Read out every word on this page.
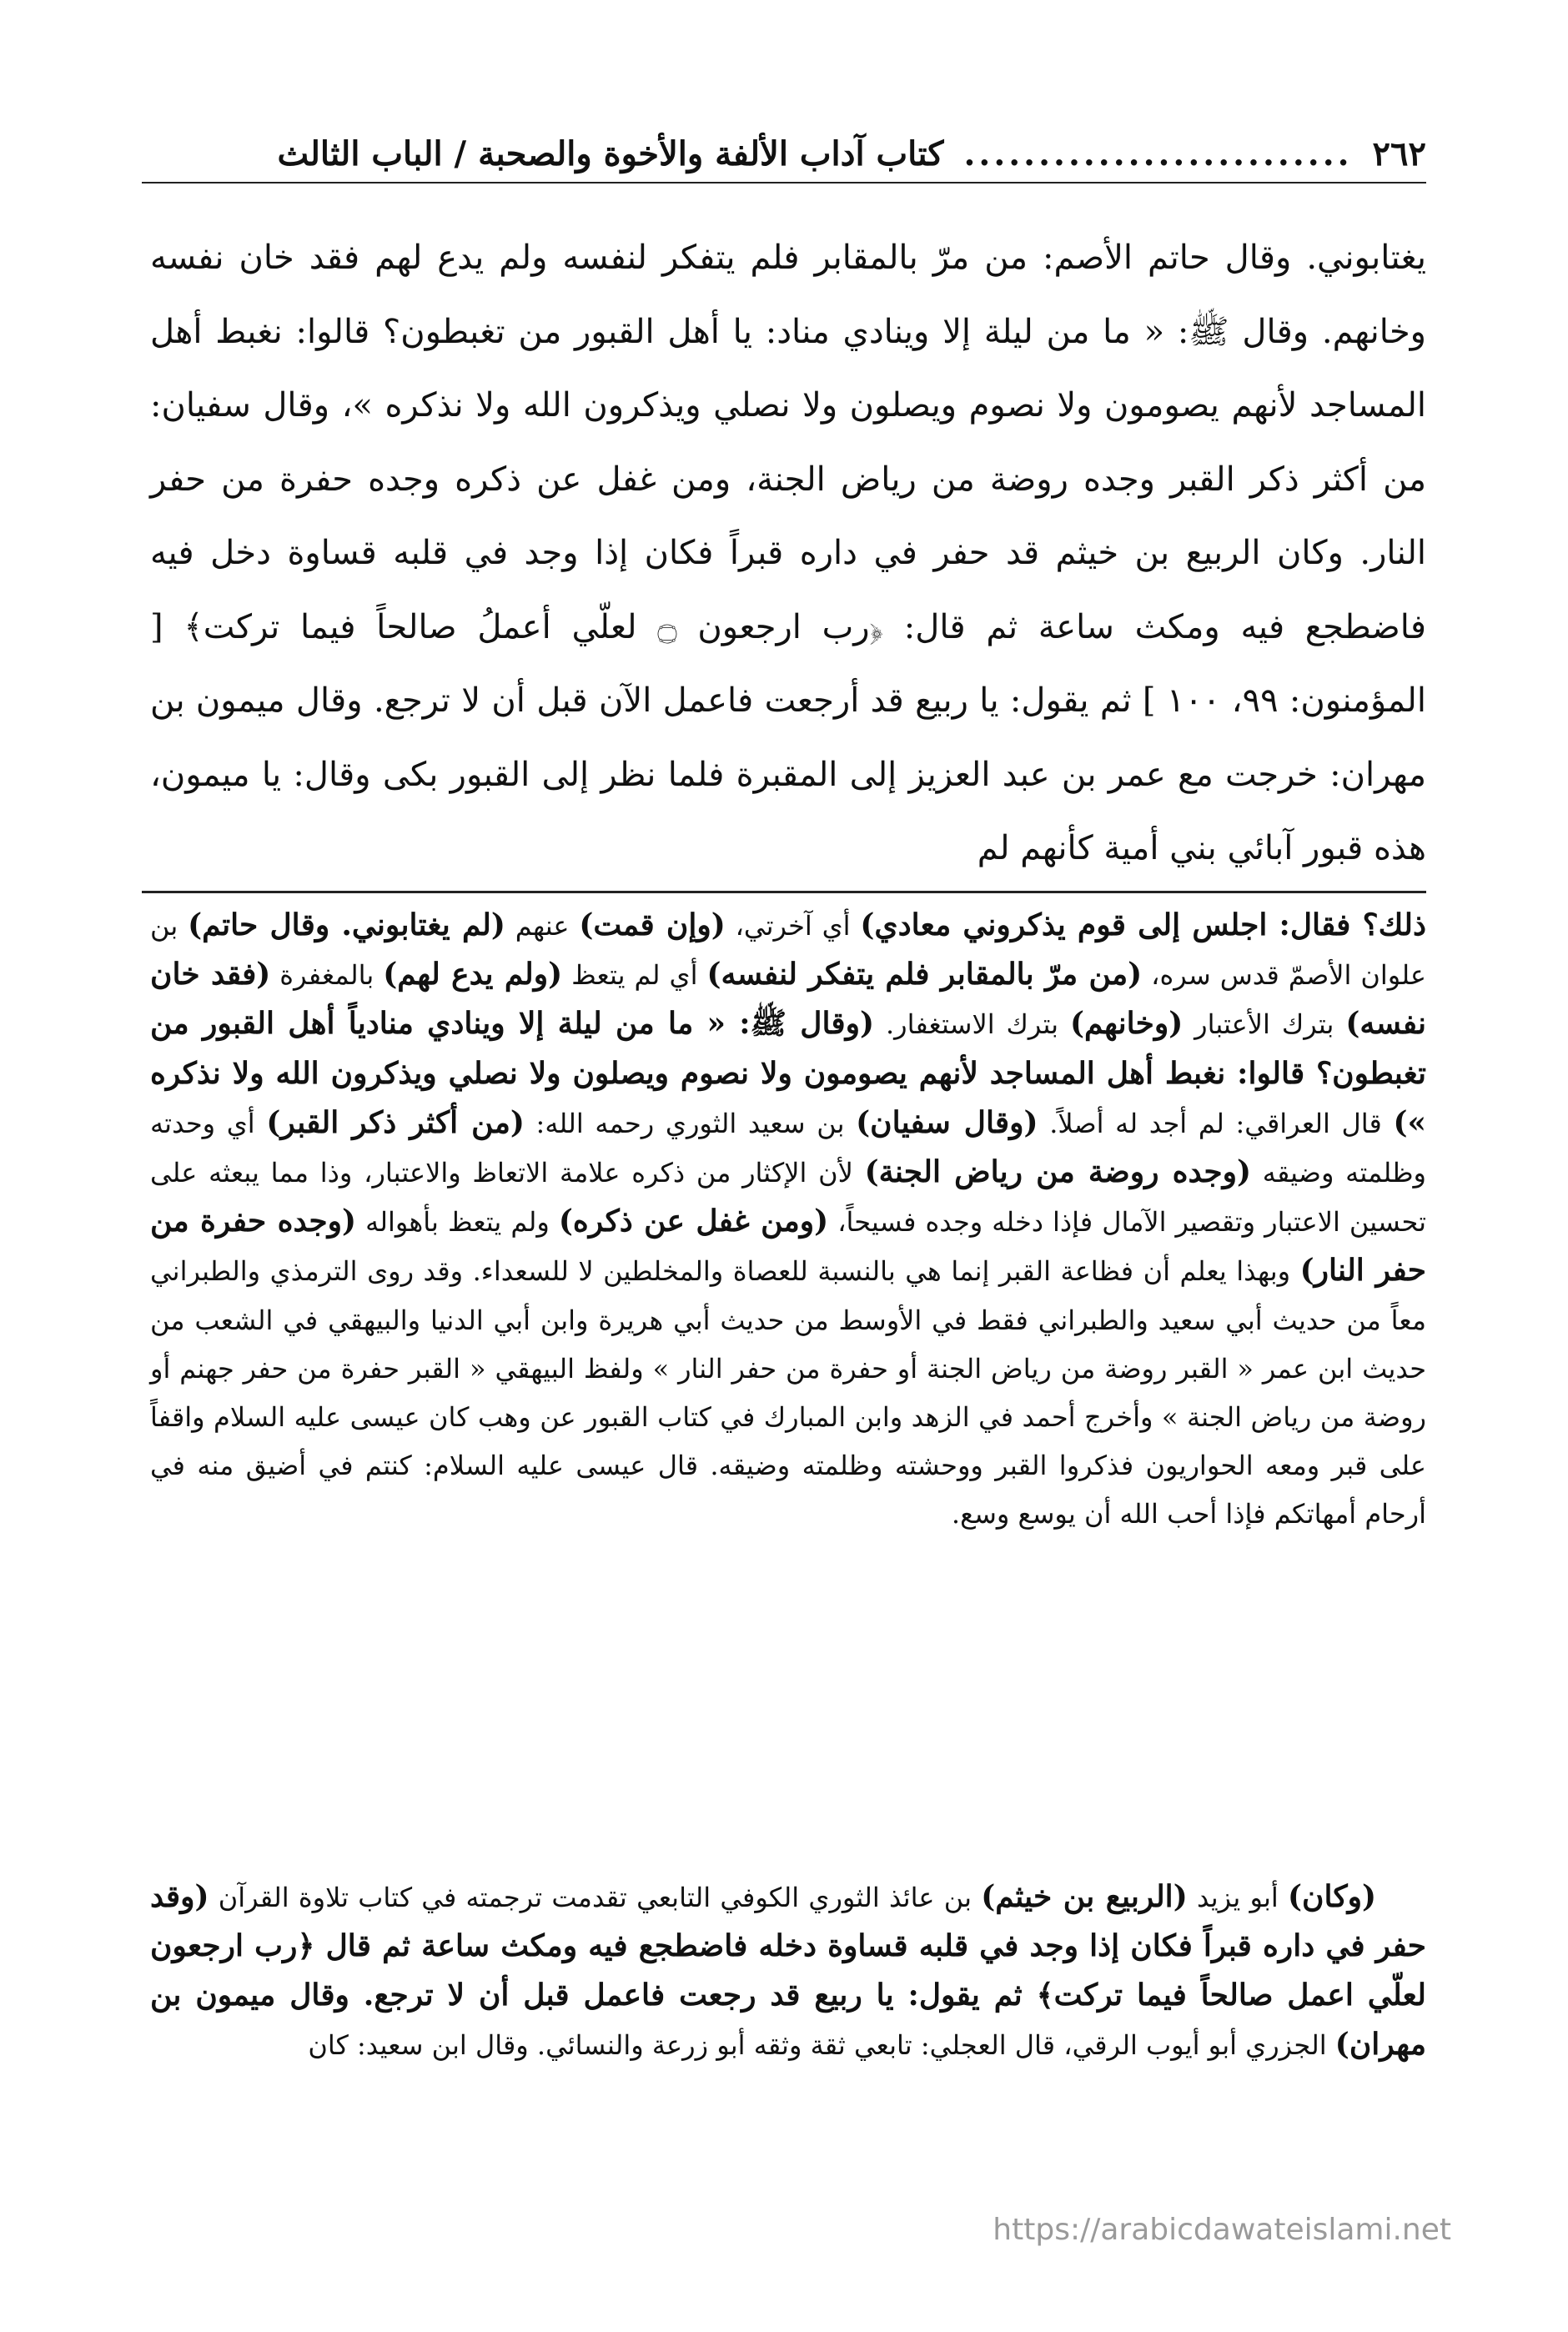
٢٦٢
..........................
كتاب آداب الألفة والأخوة والصحبة / الباب الثالث

يغتابوني. وقال حاتم الأصم: من مرّ بالمقابر فلم يتفكر لنفسه ولم يدع لهم فقد خان نفسه وخانهم. وقال ﷺ: « ما من ليلة إلا وينادي مناد: يا أهل القبور من تغبطون؟ قالوا: نغبط أهل المساجد لأنهم يصومون ولا نصوم ويصلون ولا نصلي ويذكرون الله ولا نذكره »، وقال سفيان: من أكثر ذكر القبر وجده روضة من رياض الجنة، ومن غفل عن ذكره وجده حفرة من حفر النار. وكان الربيع بن خيثم قد حفر في داره قبراً فكان إذا وجد في قلبه قساوة دخل فيه فاضطجع فيه ومكث ساعة ثم قال: ﴿رب ارجعون ۝ لعلّي أعملُ صالحاً فيما تركت﴾ [ المؤمنون: ٩٩، ١٠٠ ] ثم يقول: يا ربيع قد أرجعت فاعمل الآن قبل أن لا ترجع. وقال ميمون بن مهران: خرجت مع عمر بن عبد العزيز إلى المقبرة فلما نظر إلى القبور بكى وقال: يا ميمون، هذه قبور آبائي بني أمية كأنهم لم

ذلك؟ فقال: اجلس إلى قوم يذكروني معادي) أي آخرتي، (وإن قمت) عنهم (لم يغتابوني. وقال حاتم) بن علوان الأصمّ قدس سره، (من مرّ بالمقابر فلم يتفكر لنفسه) أي لم يتعظ (ولم يدع لهم) بالمغفرة (فقد خان نفسه) بترك الأعتبار (وخانهم) بترك الاستغفار. (وقال ﷺ: « ما من ليلة إلا وينادي منادياً أهل القبور من تغبطون؟ قالوا: نغبط أهل المساجد لأنهم يصومون ولا نصوم ويصلون ولا نصلي ويذكرون الله ولا نذكره ») قال العراقي: لم أجد له أصلاً. (وقال سفيان) بن سعيد الثوري رحمه الله: (من أكثر ذكر القبر) أي وحدته وظلمته وضيقه (وجده روضة من رياض الجنة) لأن الإكثار من ذكره علامة الاتعاظ والاعتبار، وذا مما يبعثه على تحسين الاعتبار وتقصير الآمال فإذا دخله وجده فسيحاً، (ومن غفل عن ذكره) ولم يتعظ بأهواله (وجده حفرة من حفر النار) وبهذا يعلم أن فظاعة القبر إنما هي بالنسبة للعصاة والمخلطين لا للسعداء. وقد روى الترمذي والطبراني معاً من حديث أبي سعيد والطبراني فقط في الأوسط من حديث أبي هريرة وابن أبي الدنيا والبيهقي في الشعب من حديث ابن عمر « القبر روضة من رياض الجنة أو حفرة من حفر النار » ولفظ البيهقي « القبر حفرة من حفر جهنم أو روضة من رياض الجنة » وأخرج أحمد في الزهد وابن المبارك في كتاب القبور عن وهب كان عيسى عليه السلام واقفاً على قبر ومعه الحواريون فذكروا القبر ووحشته وظلمته وضيقه. قال عيسى عليه السلام: كنتم في أضيق منه في أرحام أمهاتكم فإذا أحب الله أن يوسع وسع.

(وكان) أبو يزيد (الربيع بن خيثم) بن عائذ الثوري الكوفي التابعي تقدمت ترجمته في كتاب تلاوة القرآن (وقد حفر في داره قبراً فكان إذا وجد في قلبه قساوة دخله فاضطجع فيه ومكث ساعة ثم قال ﴿رب ارجعون لعلّي اعمل صالحاً فيما تركت﴾ ثم يقول: يا ربيع قد رجعت فاعمل قبل أن لا ترجع. وقال ميمون بن مهران) الجزري أبو أيوب الرقي، قال العجلي: تابعي ثقة وثقه أبو زرعة والنسائي. وقال ابن سعيد: كان

https://arabicdawateislami.net
